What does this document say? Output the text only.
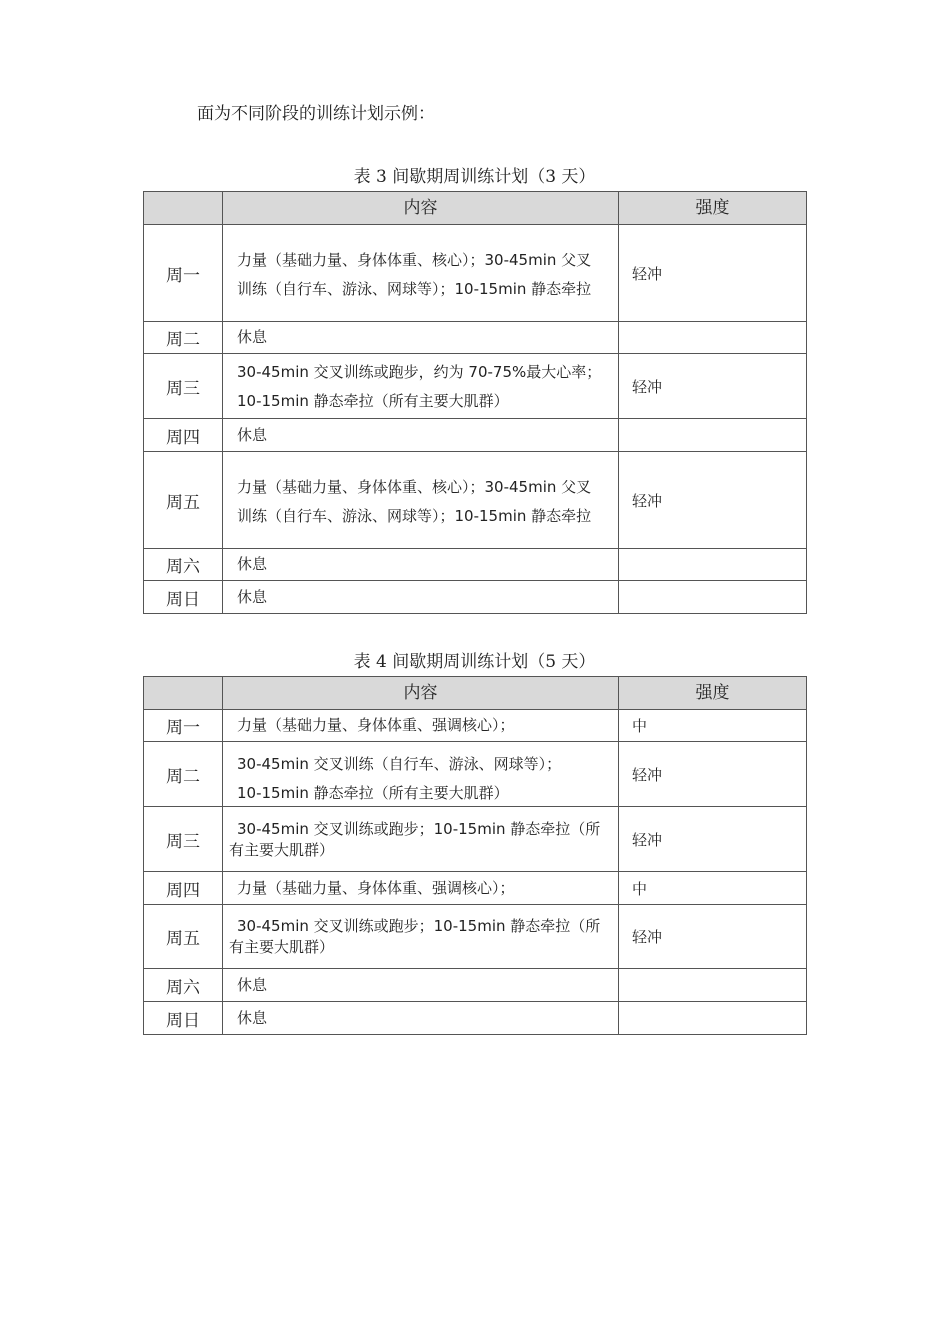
面为不同阶段的训练计划示例：
表 3 间歇期周训练计划（3 天）

内容	强度

周一	力量（基础力量、身体体重、核心）；30-45min 父叉

训练（自行车、游泳、网球等）；10-15min 静态牵拉	轻冲

周二	休息	

周三	30-45min 交叉训练或跑步，约为 70-75%最大心率；

10-15min 静态牵拉（所有主要大肌群）	轻冲

周四	休息	

周五	力量（基础力量、身体体重、核心）；30-45min 父叉

训练（自行车、游泳、网球等）；10-15min 静态牵拉	轻冲

周六	休息	

周日	休息	

表 4 间歇期周训练计划（5 天）

内容	强度

周一	力量（基础力量、身体体重、强调核心）；	中

周二	30-45min 交叉训练（自行车、游泳、网球等）；

10-15min 静态牵拉（所有主要大肌群）	轻冲

周三	30-45min 交叉训练或跑步；10-15min 静态牵拉（所有主要大肌群）	轻冲

周四	力量（基础力量、身体体重、强调核心）；	中

周五	30-45min 交叉训练或跑步；10-15min 静态牵拉（所有主要大肌群）	轻冲

周六	休息	

周日	休息	
